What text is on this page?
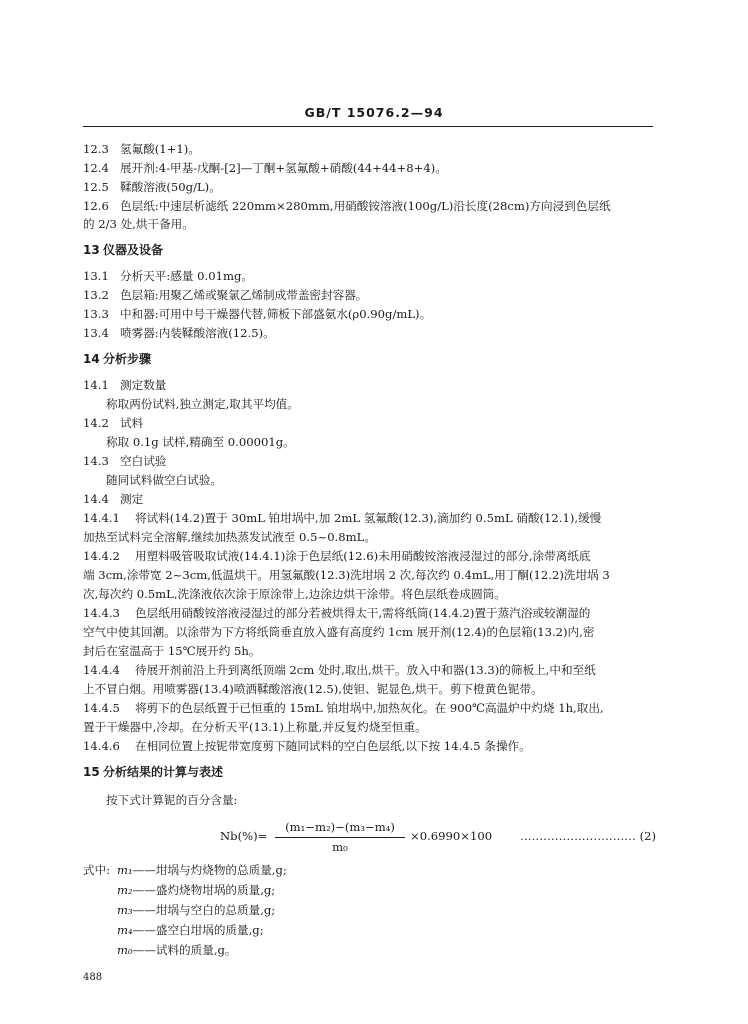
GB/T 15076.2—94
12.3 氢氟酸(1+1)。
12.4 展开剂:4-甲基-戊酮-[2]—丁酮+氢氟酸+硝酸(44+44+8+4)。
12.5 鞣酸溶液(50g/L)。
12.6 色层纸:中速层析滤纸 220mm×280mm,用硝酸铵溶液(100g/L)沿长度(28cm)方向浸到色层纸
的 2/3 处,烘干备用。
13 仪器及设备
13.1 分析天平:感量 0.01mg。
13.2 色层箱:用聚乙烯或聚氯乙烯制成带盖密封容器。
13.3 中和器:可用中号干燥器代替,筛板下部盛氨水(ρ0.90g/mL)。
13.4 喷雾器:内装鞣酸溶液(12.5)。
14 分析步骤
14.1 测定数量
称取两份试料,独立测定,取其平均值。
14.2 试料
称取 0.1g 试样,精确至 0.00001g。
14.3 空白试验
随同试料做空白试验。
14.4 测定
14.4.1 将试料(14.2)置于 30mL 铂坩埚中,加 2mL 氢氟酸(12.3),滴加约 0.5mL 硝酸(12.1),缓慢
加热至试料完全溶解,继续加热蒸发试液至 0.5~0.8mL。
14.4.2 用塑料吸管吸取试液(14.4.1)涂于色层纸(12.6)未用硝酸铵溶液浸湿过的部分,涂带离纸底
端 3cm,涂带宽 2~3cm,低温烘干。用氢氟酸(12.3)洗坩埚 2 次,每次约 0.4mL,用丁酮(12.2)洗坩埚 3
次,每次约 0.5mL,洗涤液依次涂于原涂带上,边涂边烘干涂带。将色层纸卷成圆筒。
14.4.3 色层纸用硝酸铵溶液浸湿过的部分若被烘得太干,需将纸筒(14.4.2)置于蒸汽浴或较潮湿的
空气中使其回潮。以涂带为下方将纸筒垂直放入盛有高度约 1cm 展开剂(12.4)的色层箱(13.2)内,密
封后在室温高于 15℃展开约 5h。
14.4.4 待展开剂前沿上升到离纸顶端 2cm 处时,取出,烘干。放入中和器(13.3)的筛板上,中和至纸
上不冒白烟。用喷雾器(13.4)喷洒鞣酸溶液(12.5),使钽、铌显色,烘干。剪下橙黄色铌带。
14.4.5 将剪下的色层纸置于已恒重的 15mL 铂坩埚中,加热灰化。在 900℃高温炉中灼烧 1h,取出,
置于干燥器中,冷却。在分析天平(13.1)上称量,并反复灼烧至恒重。
14.4.6 在相同位置上按铌带宽度剪下随同试料的空白色层纸,以下按 14.4.5 条操作。
15 分析结果的计算与表述
按下式计算铌的百分含量:
$Nb(\%)= \frac{\text{(m₁−m₂)−(m₃−m₄)}}{\text{m₀}} \times 0.6990\times 100$ ………………………… (2)
式中: m₁——坩埚与灼烧物的总质量,g;
m₂——盛灼烧物坩埚的质量,g;
m₃——坩埚与空白的总质量,g;
m₄——盛空白坩埚的质量,g;
m₀——试料的质量,g。
488
